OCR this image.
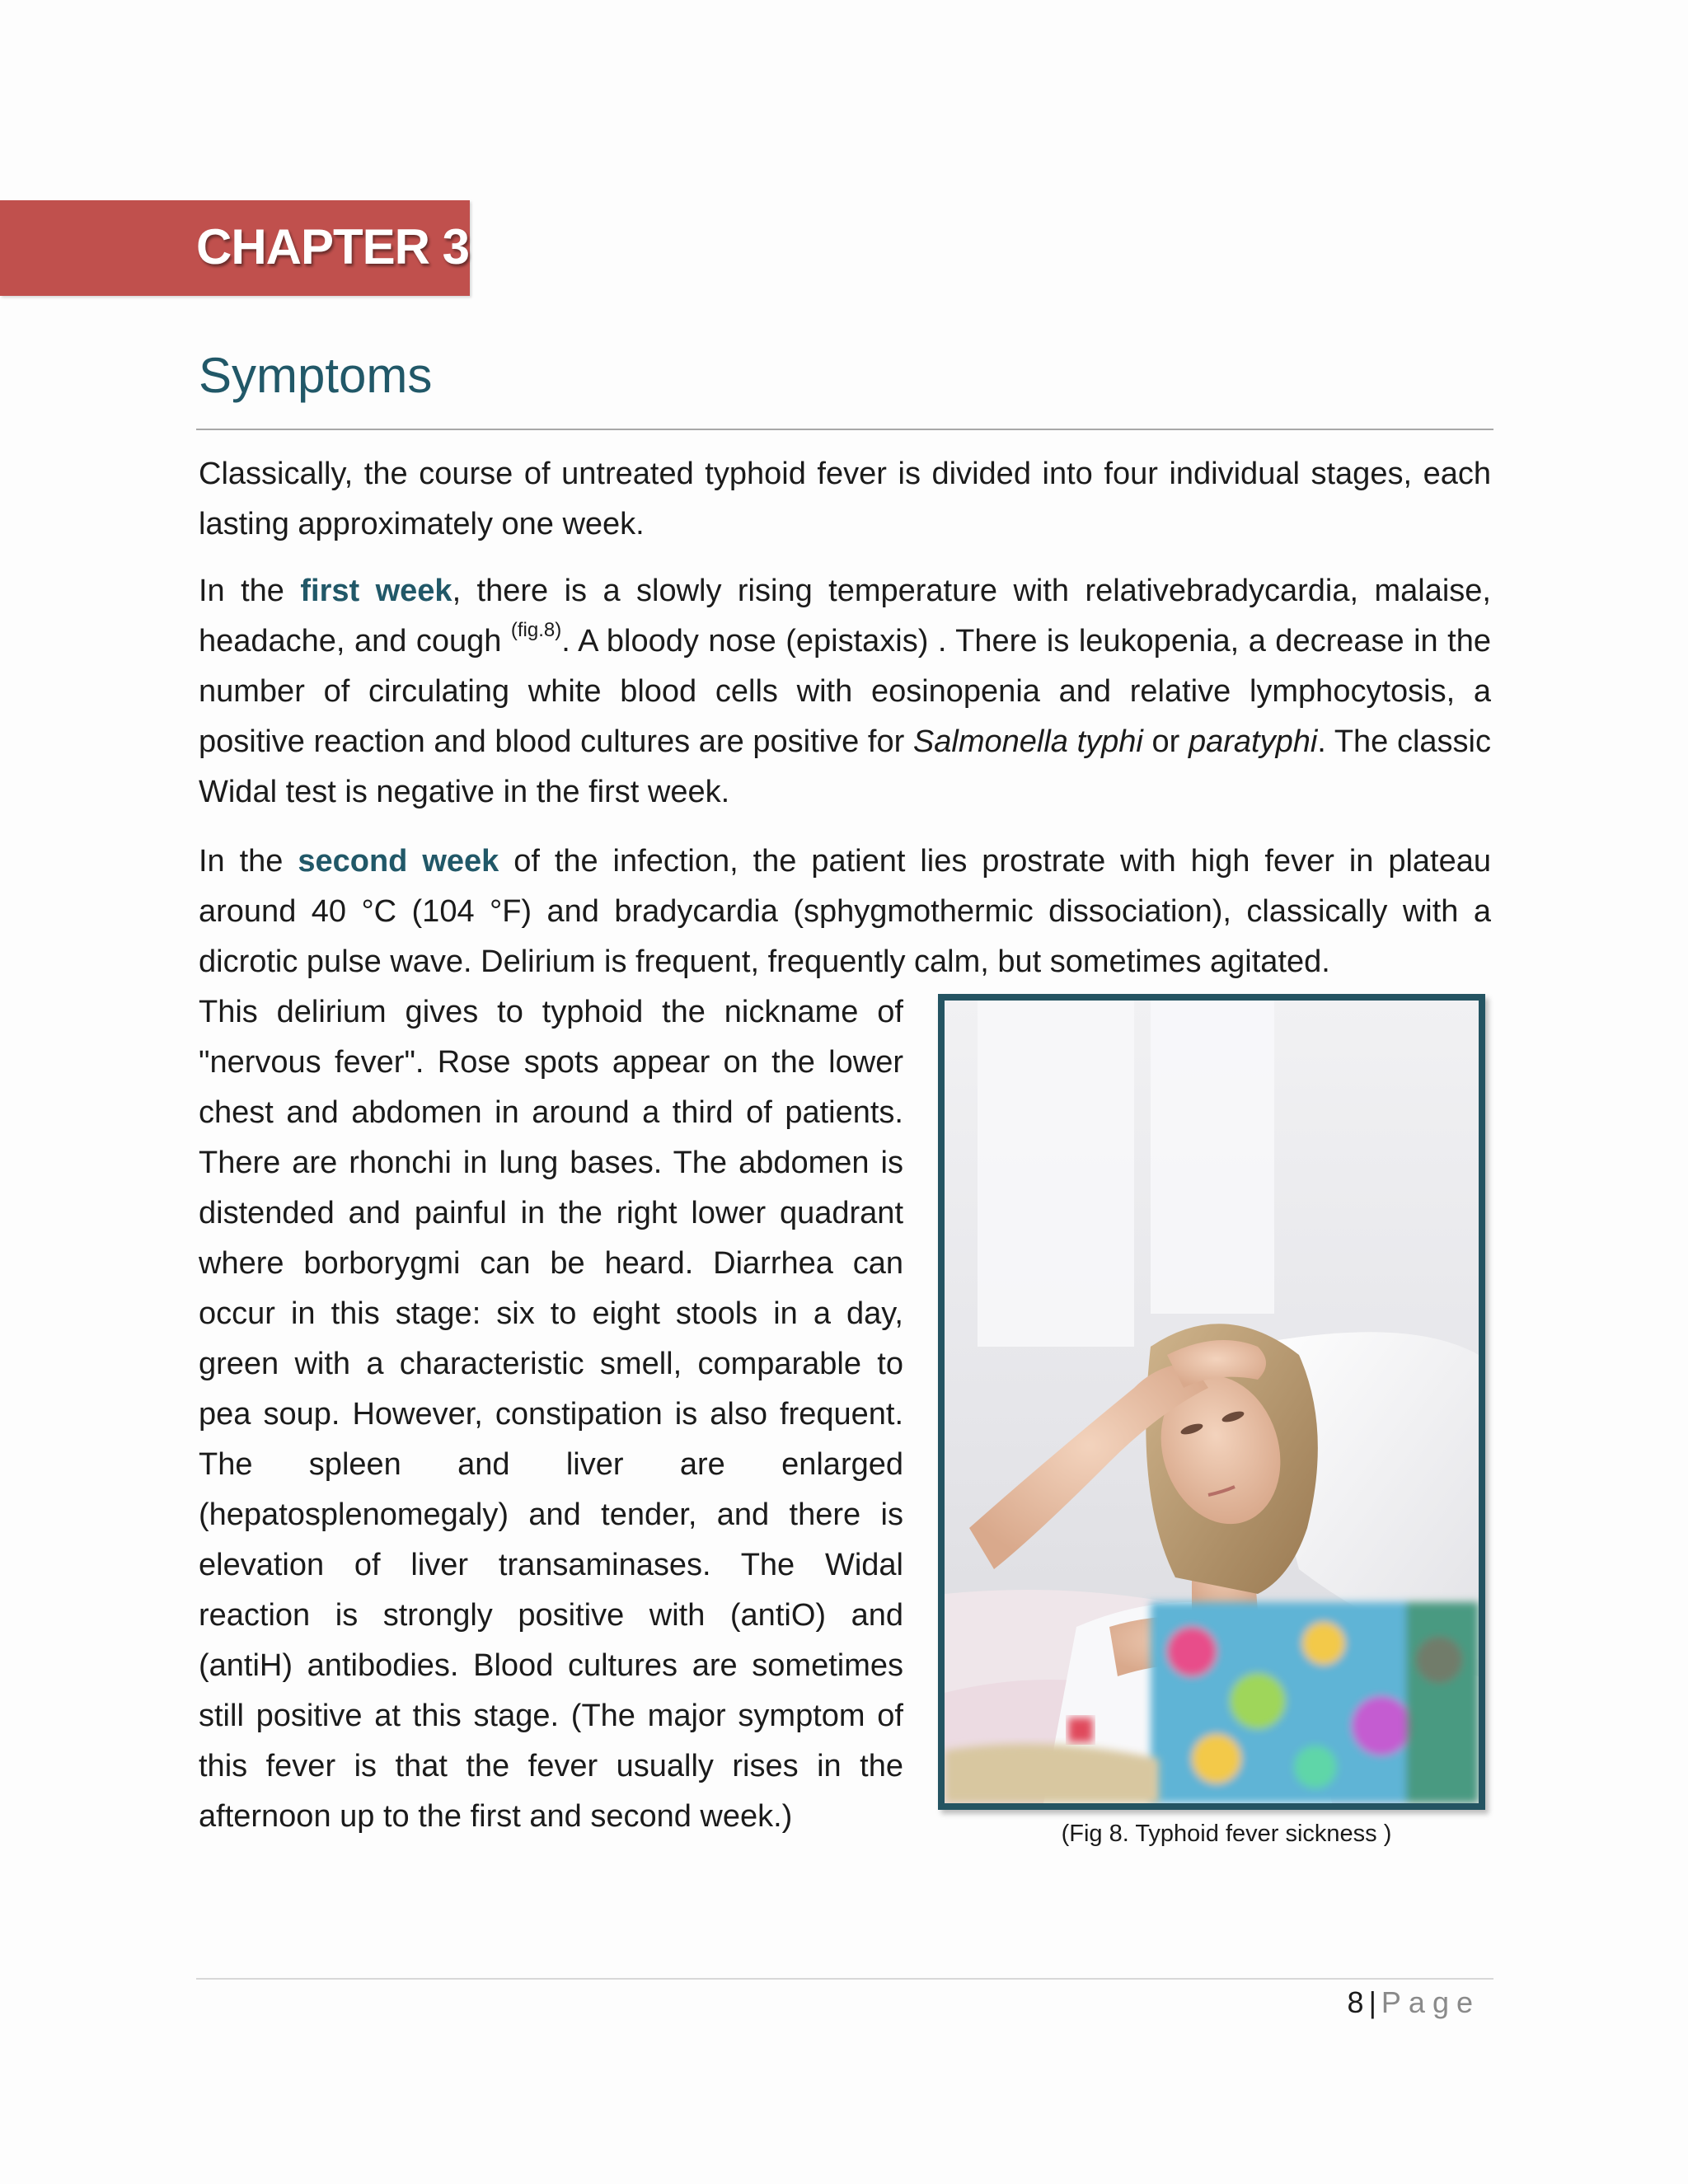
CHAPTER 3
Symptoms

Classically, the course of untreated typhoid fever is divided into four individual stages, each lasting approximately one week.

In the first week, there is a slowly rising temperature with relativebradycardia, malaise, headache, and cough $^{(fig.8)}$. A bloody nose (epistaxis) . There is leukopenia, a decrease in the number of circulating white blood cells with eosinopenia and relative lymphocytosis, a positive reaction and blood cultures are positive for Salmonella typhi or paratyphi. The classic Widal test is negative in the first week.

In the second week of the infection, the patient lies prostrate with high fever in plateau around 40 °C (104 °F) and bradycardia (sphygmothermic dissociation), classically with a dicrotic pulse wave. Delirium is frequent, frequently calm, but sometimes agitated.

This delirium gives to typhoid the nickname of "nervous fever". Rose spots appear on the lower chest and abdomen in around a third of patients. There are rhonchi in lung bases. The abdomen is distended and painful in the right lower quadrant where borborygmi can be heard. Diarrhea can occur in this stage: six to eight stools in a day, green with a characteristic smell, comparable to pea soup. However, constipation is also frequent. The spleen and liver are enlarged (hepatosplenomegaly) and tender, and there is elevation of liver transaminases. The Widal reaction is strongly positive with (antiO) and (antiH) antibodies. Blood cultures are sometimes still positive at this stage. (The major symptom of this fever is that the fever usually rises in the afternoon up to the first and second week.)	(Fig 8. Typhoid fever sickness )
8 | Page
